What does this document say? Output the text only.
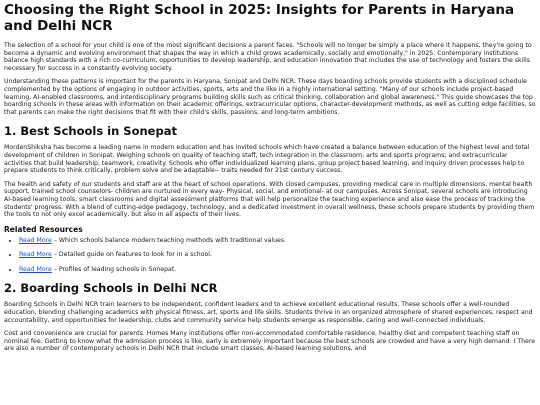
Choosing the Right School in 2025: Insights for Parents in Haryana and Delhi NCR

The selection of a school for your child is one of the most significant decisions a parent faces. "Schools will no longer be simply a place where it happens, they're going to become a dynamic and evolving environment that shapes the way in which a child grows academically, socially and emotionally," in 2025. Contemporary institutions balance high standards with a rich co-curriculum, opportunities to develop leadership, and education innovation that includes the use of technology and fosters the skills necessary for success in a constantly evolving society.

Understanding these patterns is important for the parents in Haryana, Sonipat and Delhi NCR. These days boarding schools provide students with a disciplined schedule complemented by the options of engaging in outdoor activities, sports, arts and the like in a highly international setting. "Many of our schools include project-based learning, AI-enabled classrooms, and interdisciplinary programs building skills such as critical thinking, collaboration and global awareness." This guide showcases the top boarding schools in these areas with information on their academic offerings, extracurricular options, character-development methods, as well as cutting edge facilities, so that parents can make the right decisions that fit with their child's skills, passions, and long-term ambitions.

1. Best Schools in Sonepat

MordenShiksha has become a leading name in modern education and has invited schools which have created a balance between education of the highest level and total development of children in Sonipat. Weighing schools on quality of teaching staff, tech integration in the classroom; arts and sports programs; and extracurricular activities that build leadership, teamwork, creativity. Schools who offer individualized learning plans, group project based learning, and inquiry driven processes help to prepare students to think critically, problem solve and be adaptable-- traits needed for 21st century success.

The health and safety of our students and staff are at the heart of school operations. With closed campuses, providing medical care in multiple dimensions, mental health support, trained school counselors- children are nurtured in every way- Physical, social, and emotional- at our campuses. Across Sonipat, several schools are introducing AI-based learning tools, smart classrooms and digital assessment platforms that will help personalize the teaching experience and also ease the process of tracking the students' progress. With a blend of cutting-edge pedagogy, technology, and a dedicated investment in overall wellness, these schools prepare students by providing them the tools to not only excel academically, but also in all aspects of their lives.

Related Resources
• Read More – Which schools balance modern teaching methods with traditional values.
• Read More – Detailed guide on features to look for in a school.
• Read More – Profiles of leading schools in Sonepat.
2. Boarding Schools in Delhi NCR

Boarding Schools in Delhi NCR train learners to be independent, confident leaders and to achieve excellent educational results. These schools offer a well-rounded education, blending challenging academics with physical fitness, art, sports and life skills. Students thrive in an organized atmosphere of shared experiences, respect and accountability, and opportunities for leadership, clubs and community service help students emerge as responsible, caring and well-connected individuals.

Cost and convenience are crucial for parents. Homes Many institutions offer non-accommodated comfortable residence, healthy diet and competent teaching staff on nominal fee. Getting to know what the admission process is like, early is extremely important because the best schools are crowded and have a very high demand. I There are also a number of contemporary schools in Delhi NCR that include smart classes, AI-based learning solutions, and
